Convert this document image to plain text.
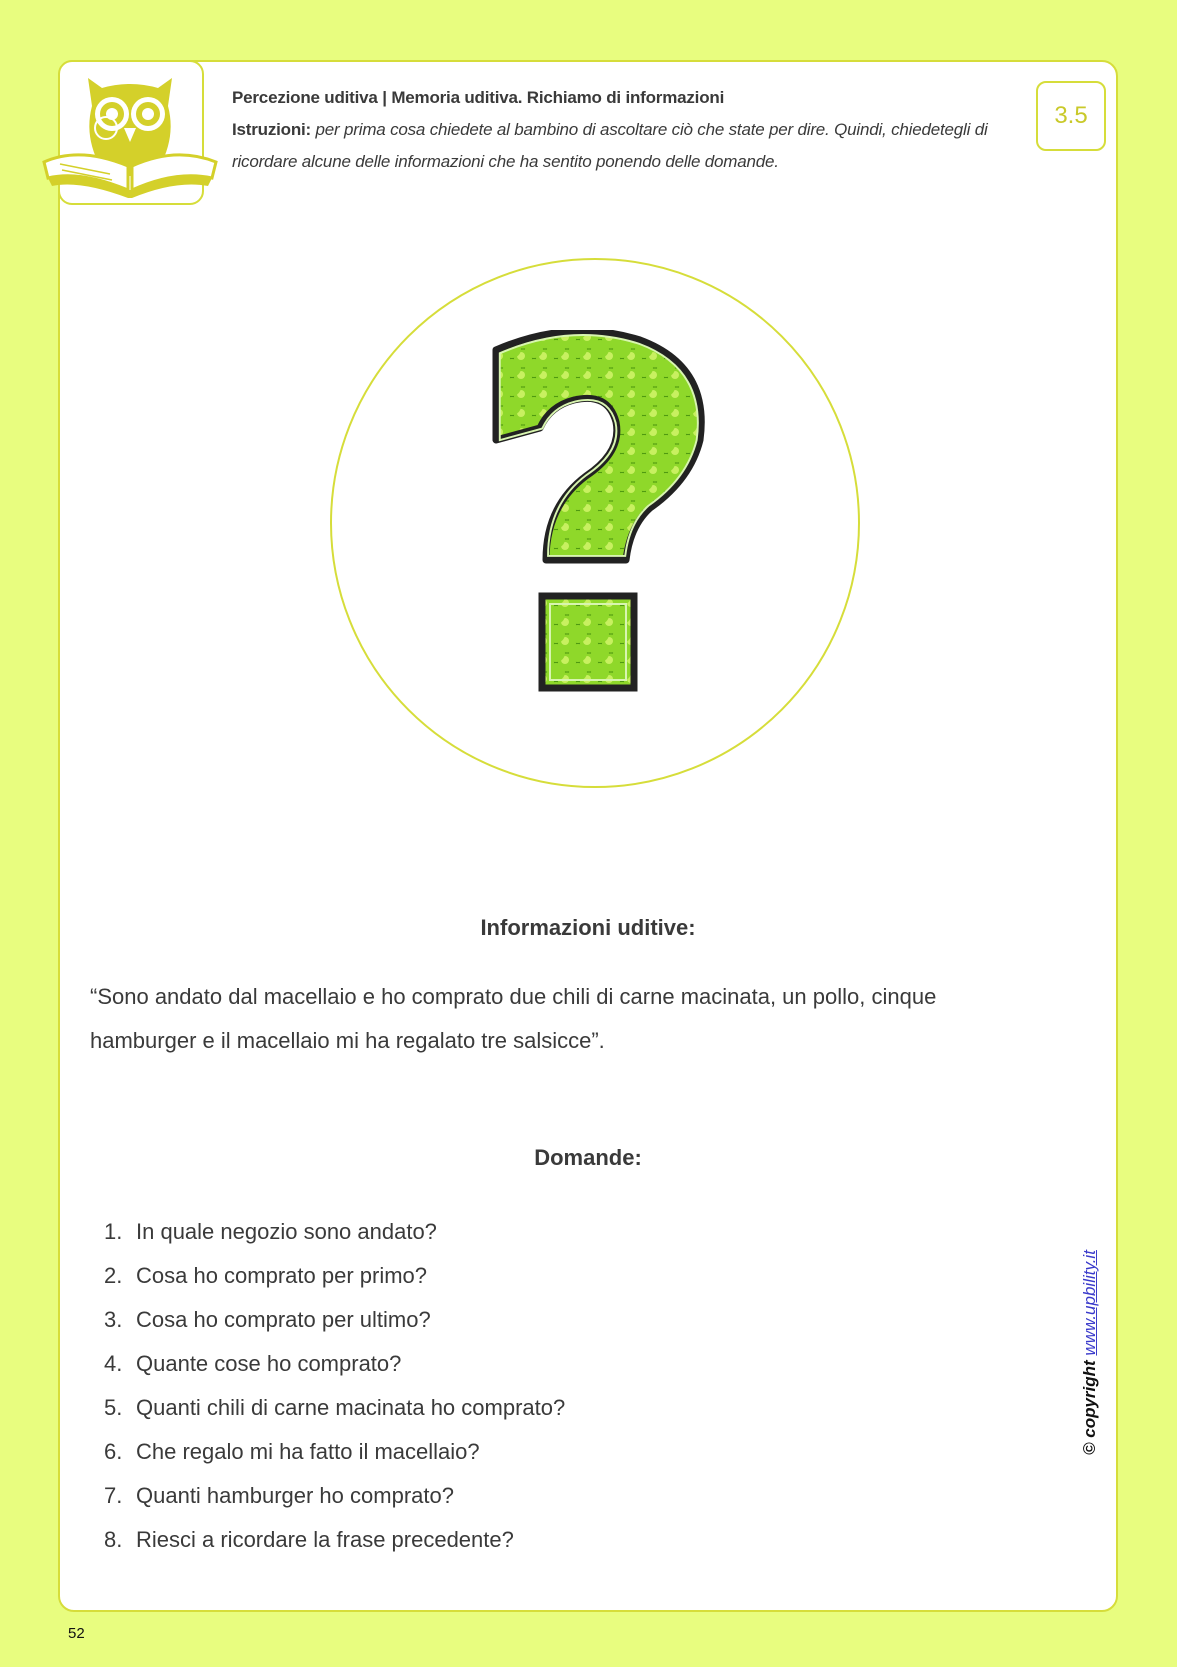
Percezione uditiva | Memoria uditiva. Richiamo di informazioni
Istruzioni: per prima cosa chiedete al bambino di ascoltare ciò che state per dire. Quindi, chiedetegli di ricordare alcune delle informazioni che ha sentito ponendo delle domande.
3.5
Informazioni uditive:
“Sono andato dal macellaio e ho comprato due chili di carne macinata, un pollo, cinque hamburger e il macellaio mi ha regalato tre salsicce”.
Domande:
1. In quale negozio sono andato?
2. Cosa ho comprato per primo?
3. Cosa ho comprato per ultimo?
4. Quante cose ho comprato?
5. Quanti chili di carne macinata ho comprato?
6. Che regalo mi ha fatto il macellaio?
7. Quanti hamburger ho comprato?
8. Riesci a ricordare la frase precedente?
© copyright www.upbility.it
52
